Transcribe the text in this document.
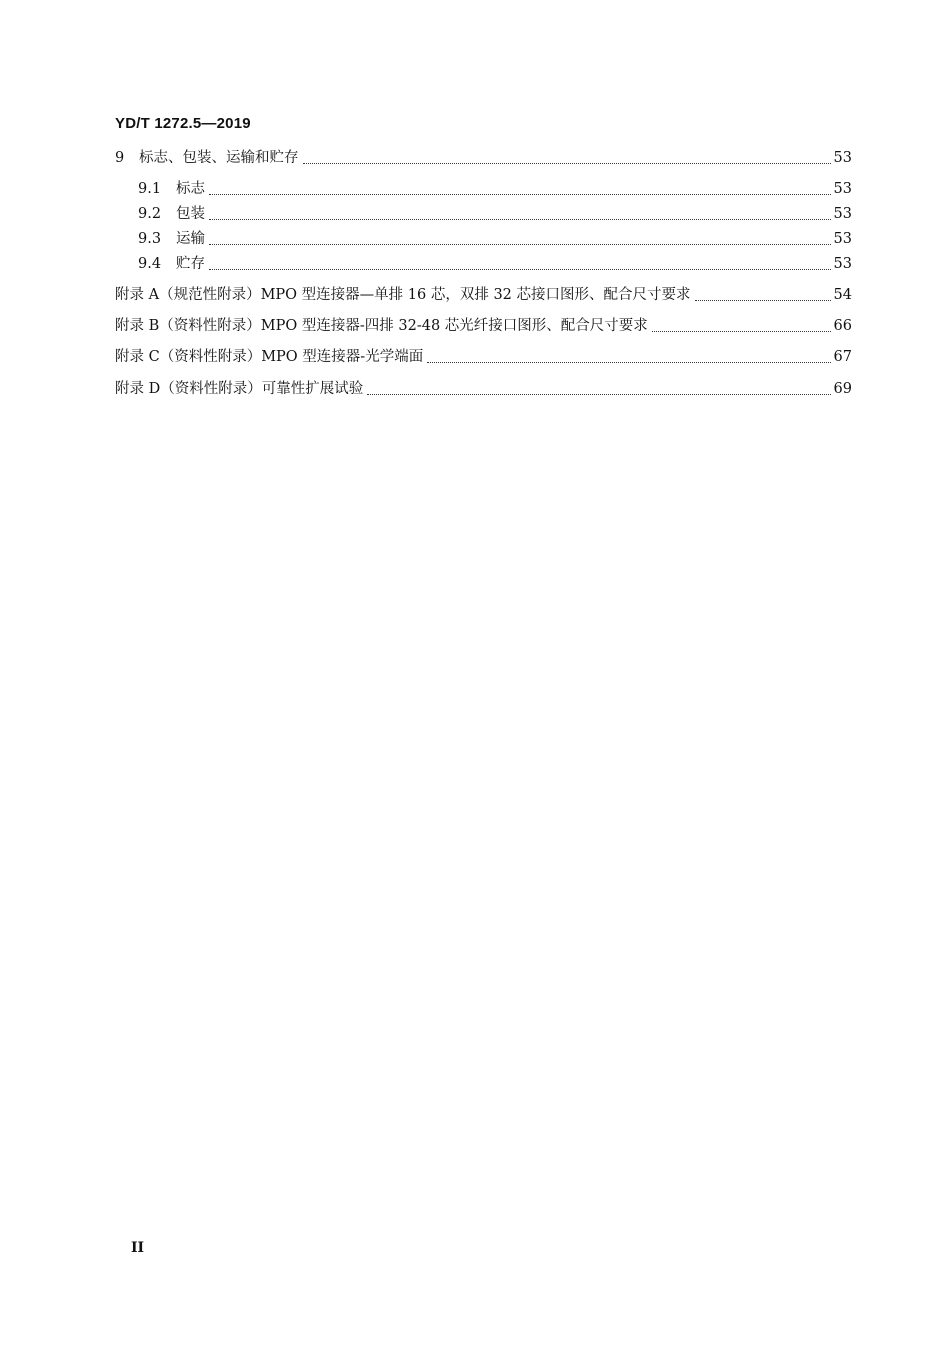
YD/T 1272.5—2019
9	标志、包装、运输和贮存	53
9.1	标志	53
9.2	包装	53
9.3	运输	53
9.4	贮存	53
附录 A（规范性附录）MPO 型连接器—单排 16 芯，双排 32 芯接口图形、配合尺寸要求	54
附录 B（资料性附录）MPO 型连接器-四排 32-48 芯光纤接口图形、配合尺寸要求	66
附录 C（资料性附录）MPO 型连接器-光学端面	67
附录 D（资料性附录）可靠性扩展试验	69
II
